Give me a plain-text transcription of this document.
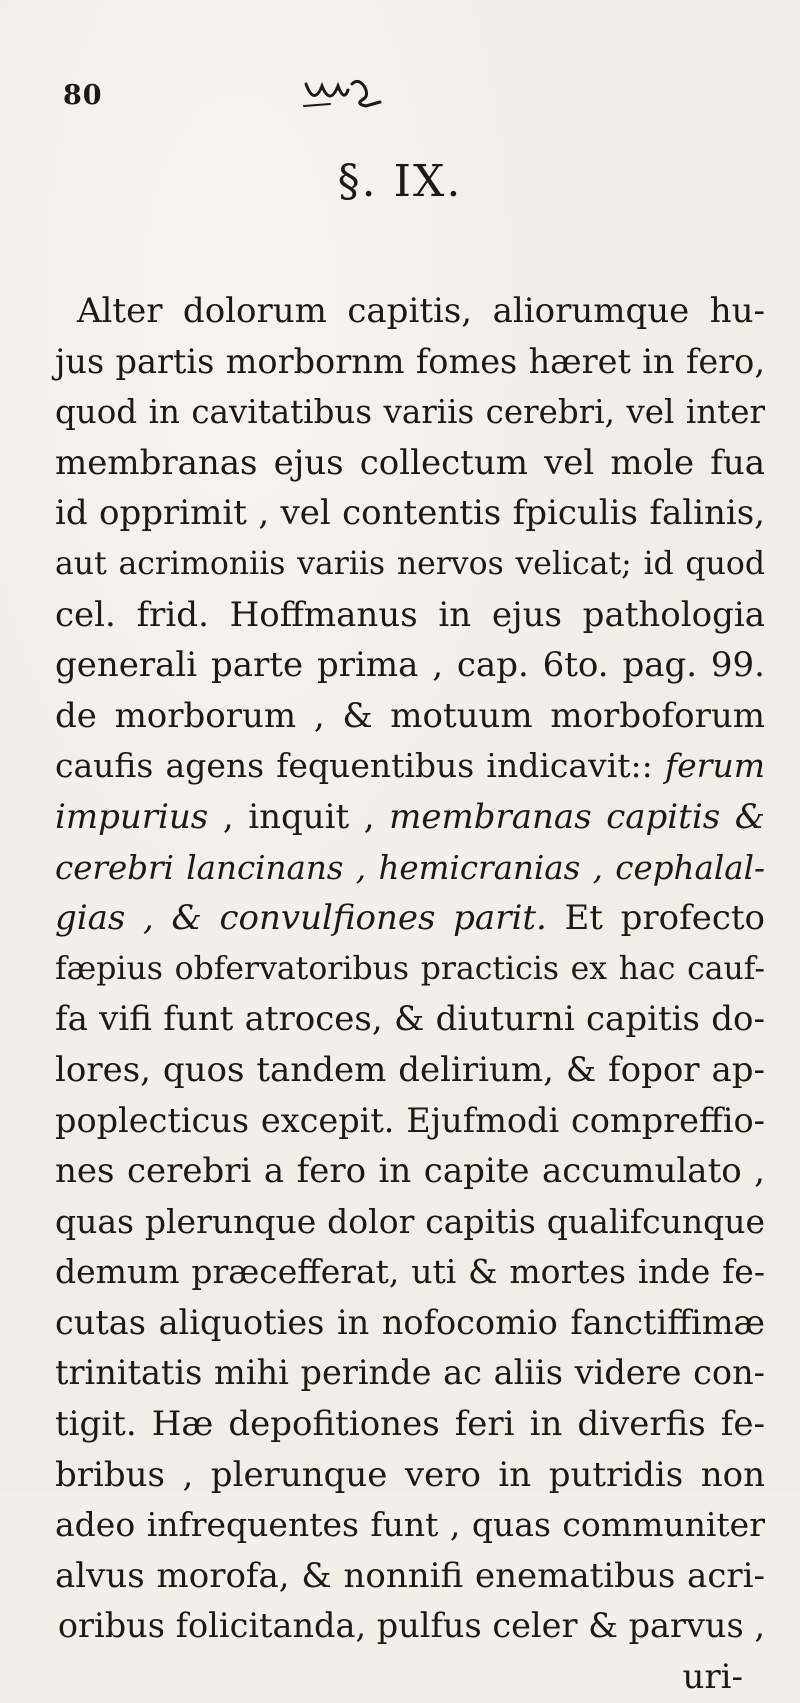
80
§. IX.
Alter dolorum capitis, aliorumque hu-
jus partis morbornm fomes hæret in fero,
quod in cavitatibus variis cerebri, vel inter
membranas ejus collectum vel mole fua
id opprimit , vel contentis fpiculis falinis,
aut acrimoniis variis nervos velicat; id quod
cel. frid. Hoffmanus in ejus pathologia
generali parte prima , cap. 6to. pag. 99.
de morborum , & motuum morboforum
caufis agens fequentibus indicavit:: ferum
impurius , inquit , membranas capitis &
cerebri lancinans , hemicranias , cephalal-
gias , & convulfiones parit. Et profecto
fæpius obfervatoribus practicis ex hac cauf-
fa vifi funt atroces, & diuturni capitis do-
lores, quos tandem delirium, & fopor ap-
poplecticus excepit. Ejufmodi compreffio-
nes cerebri a fero in capite accumulato ,
quas plerunque dolor capitis qualifcunque
demum præcefferat, uti & mortes inde fe-
cutas aliquoties in nofocomio fanctiffimæ
trinitatis mihi perinde ac aliis videre con-
tigit. Hæ depofitiones feri in diverfis fe-
bribus , plerunque vero in putridis non
adeo infrequentes funt , quas communiter
alvus morofa, & nonnifi enematibus acri-
oribus folicitanda, pulfus celer & parvus ,
uri-
